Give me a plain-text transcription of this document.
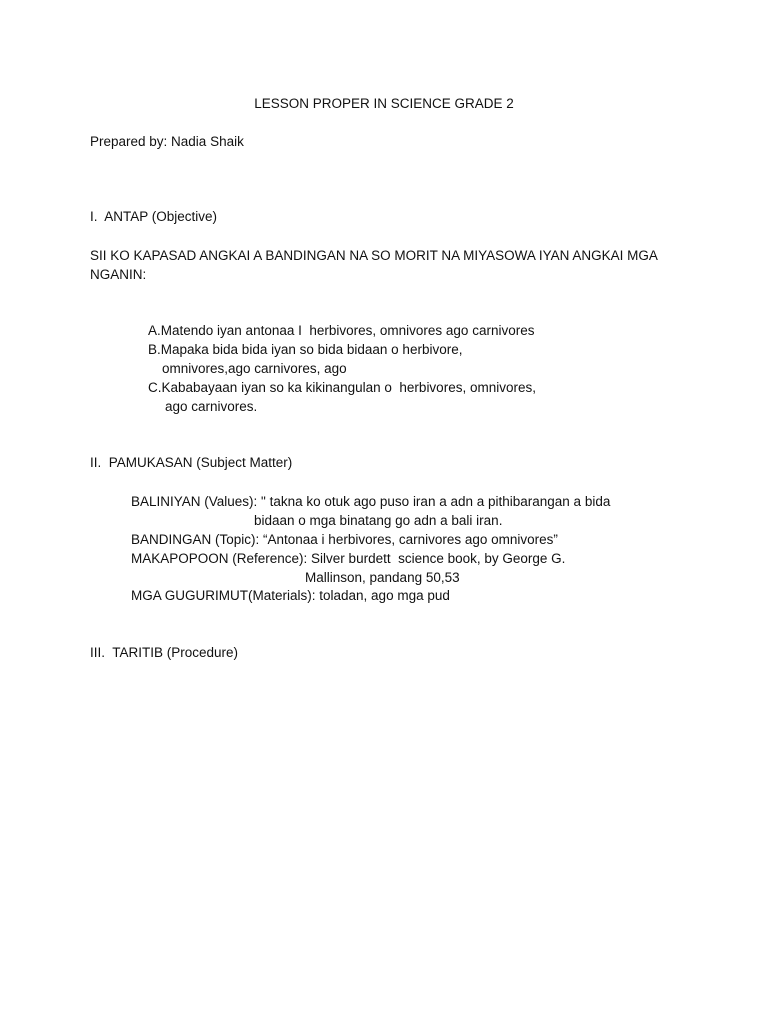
LESSON PROPER IN SCIENCE GRADE 2
Prepared by: Nadia Shaik
I.  ANTAP (Objective)
SII KO KAPASAD ANGKAI A BANDINGAN NA SO MORIT NA MIYASOWA IYAN ANGKAI MGA
NGANIN:
A.Matendo iyan antonaa I  herbivores, omnivores ago carnivores
B.Mapaka bida bida iyan so bida bidaan o herbivore,
omnivores,ago carnivores, ago
C.Kababayaan iyan so ka kikinangulan o  herbivores, omnivores,
ago carnivores.
II.  PAMUKASAN (Subject Matter)
BALINIYAN (Values): " takna ko otuk ago puso iran a adn a pithibarangan a bida
bidaan o mga binatang go adn a bali iran.
BANDINGAN (Topic): “Antonaa i herbivores, carnivores ago omnivores”
MAKAPOPOON (Reference): Silver burdett  science book, by George G.
Mallinson, pandang 50,53
MGA GUGURIMUT(Materials): toladan, ago mga pud
III.  TARITIB (Procedure)
